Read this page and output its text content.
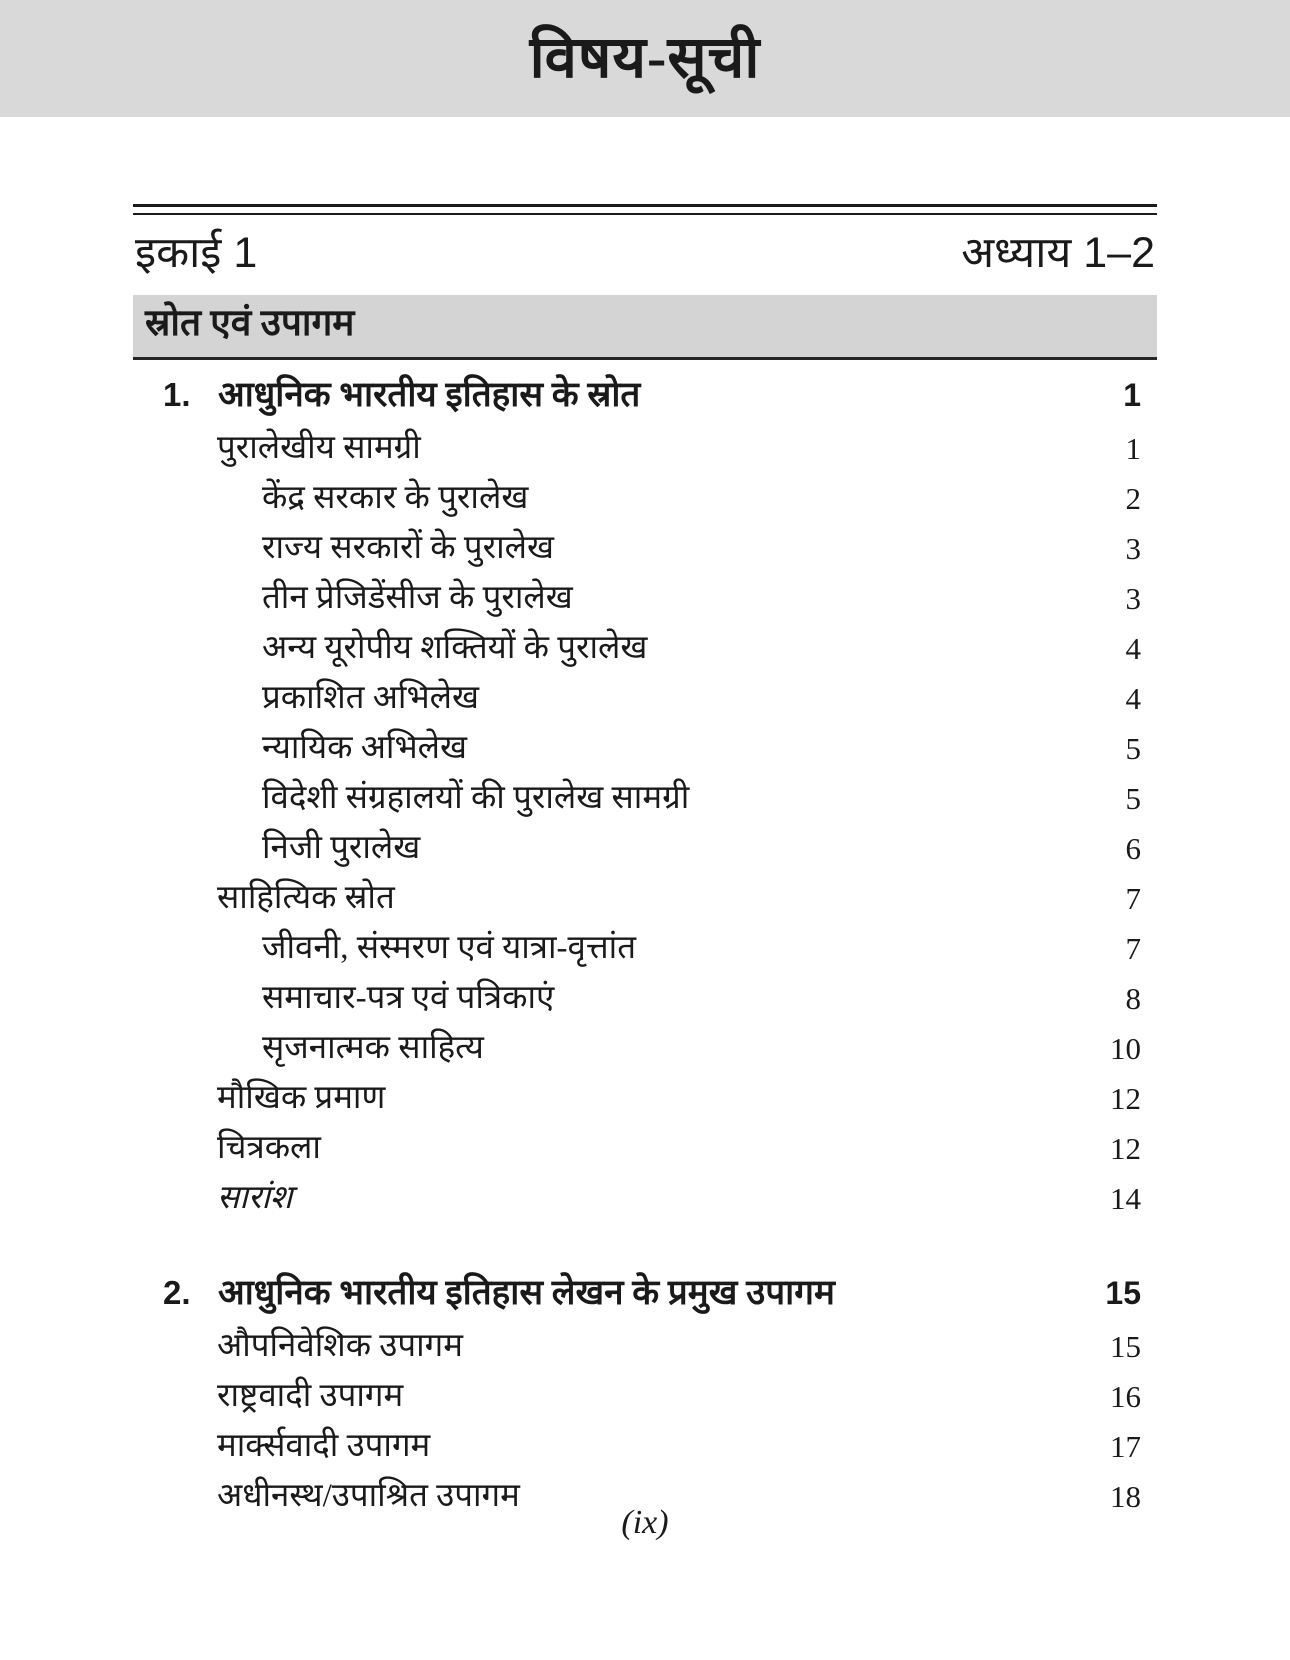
विषय-सूची
इकाई 1	अध्याय 1–2
स्रोत एवं उपागम
1. आधुनिक भारतीय इतिहास के स्रोत	1
पुरालेखीय सामग्री	1
केंद्र सरकार के पुरालेख	2
राज्य सरकारों के पुरालेख	3
तीन प्रेजिडेंसीज के पुरालेख	3
अन्य यूरोपीय शक्तियों के पुरालेख	4
प्रकाशित अभिलेख	4
न्यायिक अभिलेख	5
विदेशी संग्रहालयों की पुरालेख सामग्री	5
निजी पुरालेख	6
साहित्यिक स्रोत	7
जीवनी, संस्मरण एवं यात्रा-वृत्तांत	7
समाचार-पत्र एवं पत्रिकाएं	8
सृजनात्मक साहित्य	10
मौखिक प्रमाण	12
चित्रकला	12
सारांश	14
2. आधुनिक भारतीय इतिहास लेखन के प्रमुख उपागम	15
औपनिवेशिक उपागम	15
राष्ट्रवादी उपागम	16
मार्क्सवादी उपागम	17
अधीनस्थ/उपाश्रित उपागम	18
(ix)
